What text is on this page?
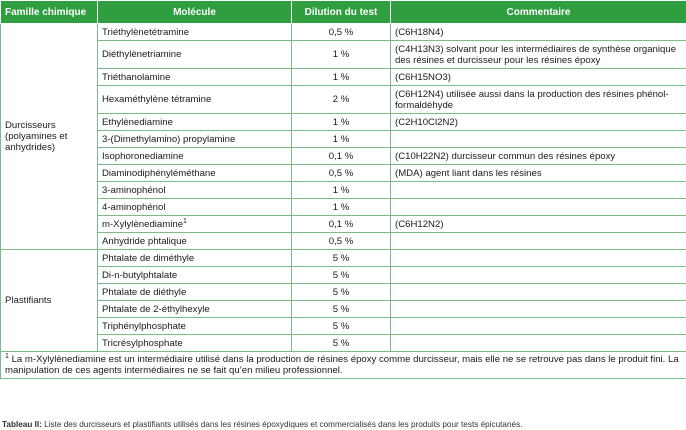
Famille chimique	Molécule	Dilution du test	Commentaire
Durcisseurs (polyamines et anhydrides)	Triéthylènetétramine	0,5 %	(C6H18N4)
	Diéthylènetriamine	1 %	(C4H13N3) solvant pour les intermédiaires de synthèse organique des résines et durcisseur pour les résines époxy
	Triéthanolamine	1 %	(C6H15NO3)
	Hexaméthylène tétramine	2 %	(C6H12N4) utilisée aussi dans la production des résines phénol-formaldéhyde
	Ethylènediamine	1 %	(C2H10Cl2N2)
	3-(Dimethylamino) propylamine	1 %	
	Isophoronediamine	0,1 %	(C10H22N2) durcisseur commun des résines époxy
	Diaminodiphényléméthane	0,5 %	(MDA) agent liant dans les résines
	3-aminophénol	1 %	
	4-aminophénol	1 %	
	m-Xylylènediamine$^1$	0,1 %	(C6H12N2)
	Anhydride phtalique	0,5 %	
Plastifiants	Phtalate de diméthyle	5 %	
	Di-n-butylphtalate	5 %	
	Phtalate de diéthyle	5 %	
	Phtalate de 2-éthylhexyle	5 %	
	Triphénylphosphate	5 %	
	Tricrésylphosphate	5 %	
$^1$ La m-Xylylènediamine est un intermédiaire utilisé dans la production de résines époxy comme durcisseur, mais elle ne se retrouve pas dans le produit fini. La manipulation de ces agents intermédiaires ne se fait qu’en milieu professionnel.			
Tableau II: Liste des durcisseurs et plastifiants utilisés dans les résines époxydiques et commercialisés dans les produits pour tests épicutanés.
